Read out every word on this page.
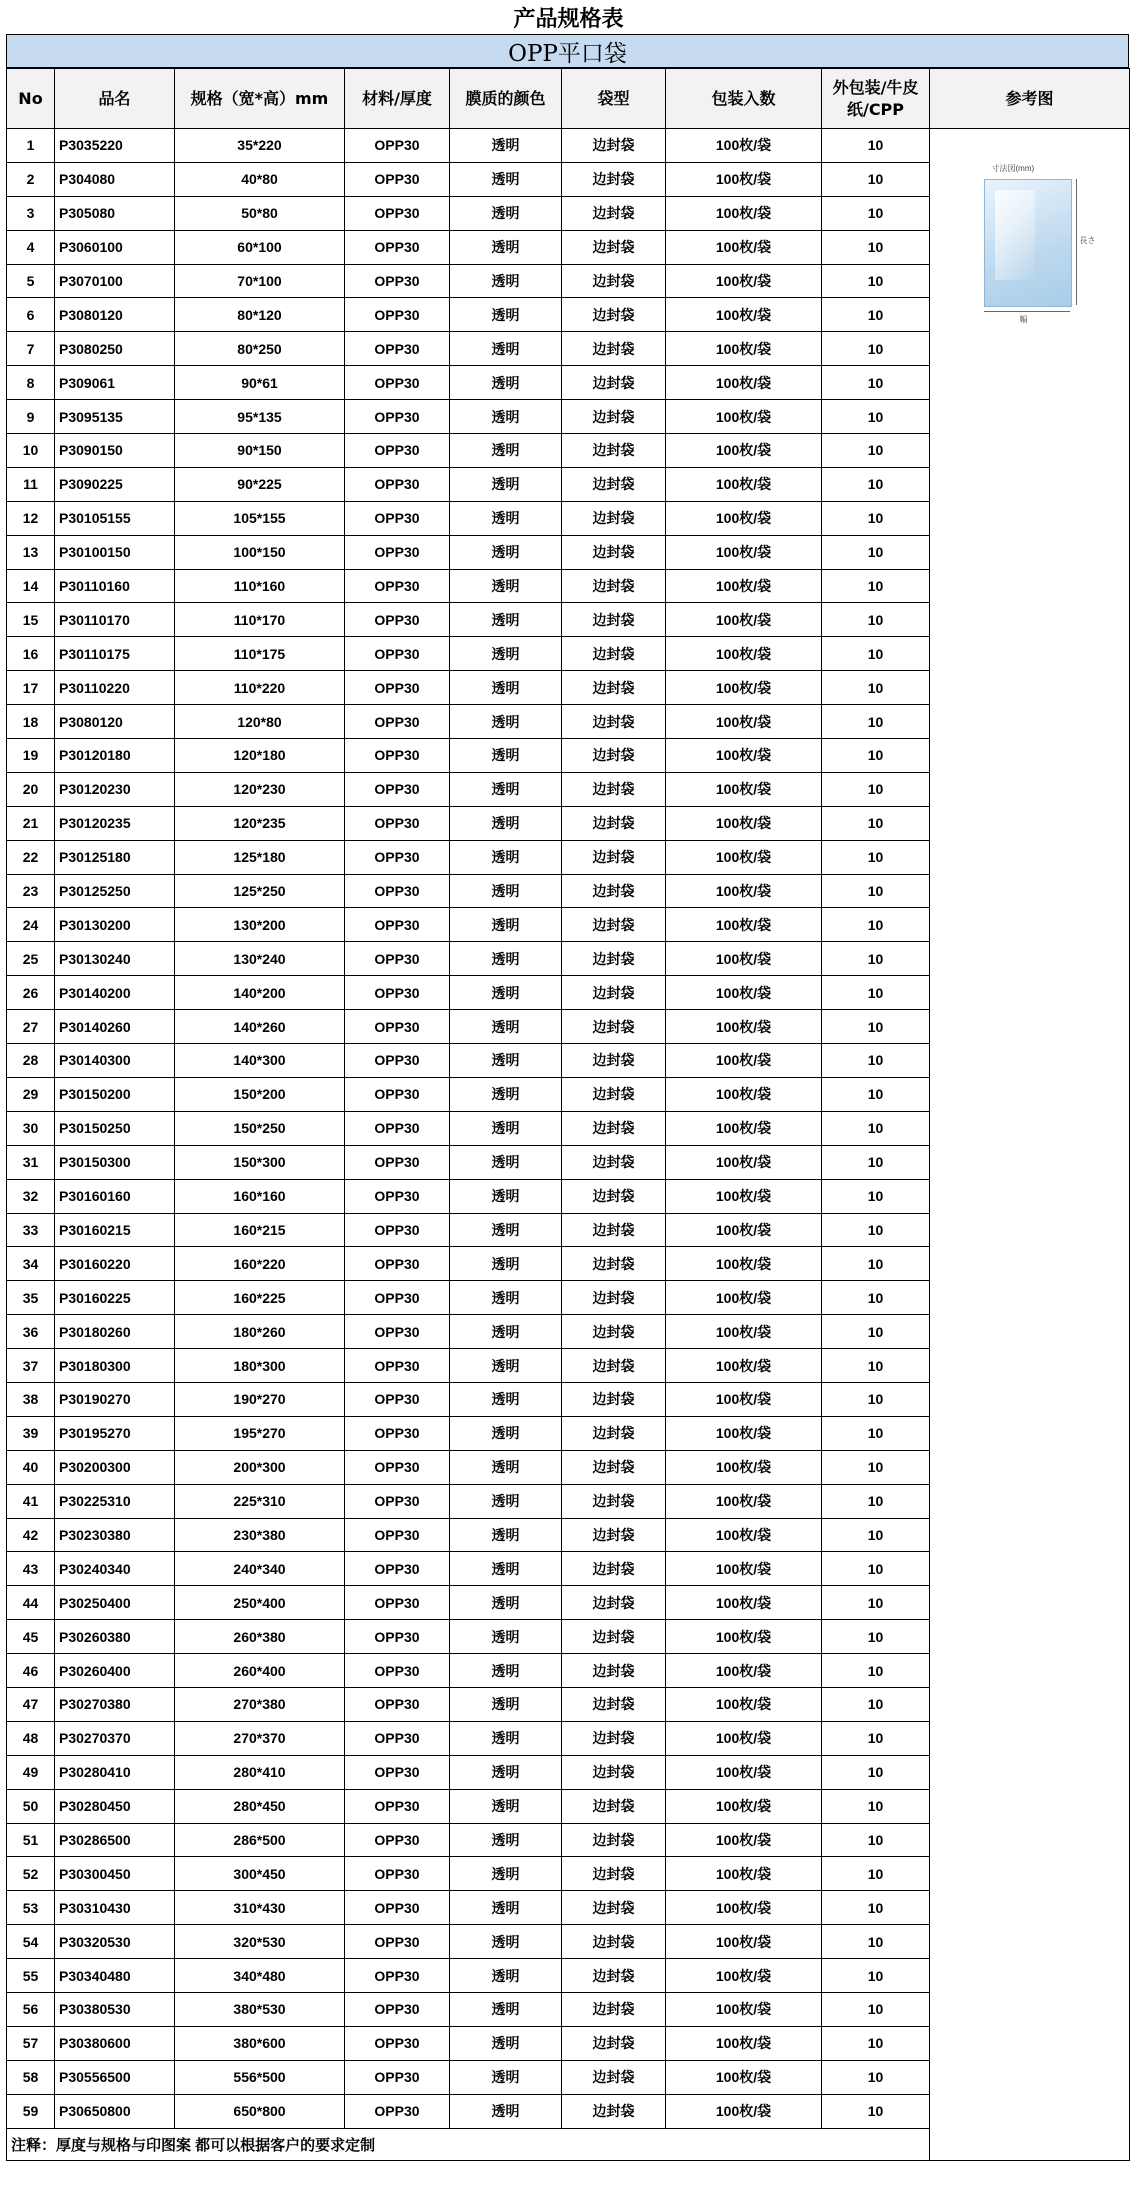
产品规格表
OPP平口袋
No	品名	规格（宽*高）mm	材料/厚度	膜质的颜色	袋型	包装入数	外包装/牛皮纸/CPP	参考图
1	P3035220	35*220	OPP30	透明	边封袋	100枚/袋	10	寸法図(mm)
長さ
幅

2	P304080	40*80	OPP30	透明	边封袋	100枚/袋	10	
3	P305080	50*80	OPP30	透明	边封袋	100枚/袋	10	
4	P3060100	60*100	OPP30	透明	边封袋	100枚/袋	10	
5	P3070100	70*100	OPP30	透明	边封袋	100枚/袋	10	
6	P3080120	80*120	OPP30	透明	边封袋	100枚/袋	10	
7	P3080250	80*250	OPP30	透明	边封袋	100枚/袋	10	
8	P309061	90*61	OPP30	透明	边封袋	100枚/袋	10	
9	P3095135	95*135	OPP30	透明	边封袋	100枚/袋	10	
10	P3090150	90*150	OPP30	透明	边封袋	100枚/袋	10	
11	P3090225	90*225	OPP30	透明	边封袋	100枚/袋	10	
12	P30105155	105*155	OPP30	透明	边封袋	100枚/袋	10	
13	P30100150	100*150	OPP30	透明	边封袋	100枚/袋	10	
14	P30110160	110*160	OPP30	透明	边封袋	100枚/袋	10	
15	P30110170	110*170	OPP30	透明	边封袋	100枚/袋	10	
16	P30110175	110*175	OPP30	透明	边封袋	100枚/袋	10	
17	P30110220	110*220	OPP30	透明	边封袋	100枚/袋	10	
18	P3080120	120*80	OPP30	透明	边封袋	100枚/袋	10	
19	P30120180	120*180	OPP30	透明	边封袋	100枚/袋	10	
20	P30120230	120*230	OPP30	透明	边封袋	100枚/袋	10	
21	P30120235	120*235	OPP30	透明	边封袋	100枚/袋	10	
22	P30125180	125*180	OPP30	透明	边封袋	100枚/袋	10	
23	P30125250	125*250	OPP30	透明	边封袋	100枚/袋	10	
24	P30130200	130*200	OPP30	透明	边封袋	100枚/袋	10	
25	P30130240	130*240	OPP30	透明	边封袋	100枚/袋	10	
26	P30140200	140*200	OPP30	透明	边封袋	100枚/袋	10	
27	P30140260	140*260	OPP30	透明	边封袋	100枚/袋	10	
28	P30140300	140*300	OPP30	透明	边封袋	100枚/袋	10	
29	P30150200	150*200	OPP30	透明	边封袋	100枚/袋	10	
30	P30150250	150*250	OPP30	透明	边封袋	100枚/袋	10	
31	P30150300	150*300	OPP30	透明	边封袋	100枚/袋	10	
32	P30160160	160*160	OPP30	透明	边封袋	100枚/袋	10	
33	P30160215	160*215	OPP30	透明	边封袋	100枚/袋	10	
34	P30160220	160*220	OPP30	透明	边封袋	100枚/袋	10	
35	P30160225	160*225	OPP30	透明	边封袋	100枚/袋	10	
36	P30180260	180*260	OPP30	透明	边封袋	100枚/袋	10	
37	P30180300	180*300	OPP30	透明	边封袋	100枚/袋	10	
38	P30190270	190*270	OPP30	透明	边封袋	100枚/袋	10	
39	P30195270	195*270	OPP30	透明	边封袋	100枚/袋	10	
40	P30200300	200*300	OPP30	透明	边封袋	100枚/袋	10	
41	P30225310	225*310	OPP30	透明	边封袋	100枚/袋	10	
42	P30230380	230*380	OPP30	透明	边封袋	100枚/袋	10	
43	P30240340	240*340	OPP30	透明	边封袋	100枚/袋	10	
44	P30250400	250*400	OPP30	透明	边封袋	100枚/袋	10	
45	P30260380	260*380	OPP30	透明	边封袋	100枚/袋	10	
46	P30260400	260*400	OPP30	透明	边封袋	100枚/袋	10	
47	P30270380	270*380	OPP30	透明	边封袋	100枚/袋	10	
48	P30270370	270*370	OPP30	透明	边封袋	100枚/袋	10	
49	P30280410	280*410	OPP30	透明	边封袋	100枚/袋	10	
50	P30280450	280*450	OPP30	透明	边封袋	100枚/袋	10	
51	P30286500	286*500	OPP30	透明	边封袋	100枚/袋	10	
52	P30300450	300*450	OPP30	透明	边封袋	100枚/袋	10	
53	P30310430	310*430	OPP30	透明	边封袋	100枚/袋	10	
54	P30320530	320*530	OPP30	透明	边封袋	100枚/袋	10	
55	P30340480	340*480	OPP30	透明	边封袋	100枚/袋	10	
56	P30380530	380*530	OPP30	透明	边封袋	100枚/袋	10	
57	P30380600	380*600	OPP30	透明	边封袋	100枚/袋	10	
58	P30556500	556*500	OPP30	透明	边封袋	100枚/袋	10	
59	P30650800	650*800	OPP30	透明	边封袋	100枚/袋	10	
注释：厚度与规格与印图案 都可以根据客户的要求定制								
